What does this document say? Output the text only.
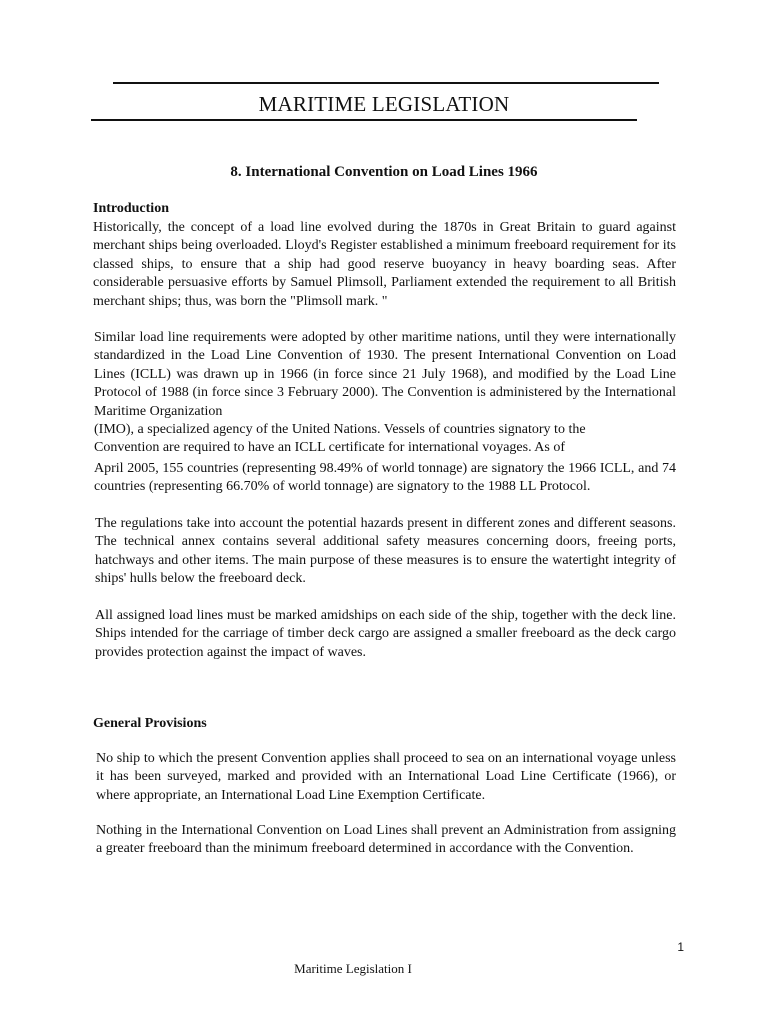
MARITIME LEGISLATION
8. International Convention on Load Lines 1966
Introduction

Historically, the concept of a load line evolved during the 1870s in Great Britain to guard against merchant ships being overloaded. Lloyd's Register established a minimum freeboard requirement for its classed ships, to ensure that a ship had good reserve buoyancy in heavy boarding seas. After considerable persuasive efforts by Samuel Plimsoll, Parliament extended the requirement to all British merchant ships; thus, was born the "Plimsoll mark. "

Similar load line requirements were adopted by other maritime nations, until they were internationally standardized in the Load Line Convention of 1930. The present International Convention on Load Lines (ICLL) was drawn up in 1966 (in force since 21 July 1968), and modified by the Load Line Protocol of 1988 (in force since 3 February 2000). The Convention is administered by the International Maritime Organization

(IMO), a specialized agency of the United Nations. Vessels of countries signatory to the Convention are required to have an ICLL certificate for international voyages. As of

April 2005, 155 countries (representing 98.49% of world tonnage) are signatory the 1966 ICLL, and 74 countries (representing 66.70% of world tonnage) are signatory to the 1988 LL Protocol.

The regulations take into account the potential hazards present in different zones and different seasons. The technical annex contains several additional safety measures concerning doors, freeing ports, hatchways and other items. The main purpose of these measures is to ensure the watertight integrity of ships' hulls below the freeboard deck.

All assigned load lines must be marked amidships on each side of the ship, together with the deck line. Ships intended for the carriage of timber deck cargo are assigned a smaller freeboard as the deck cargo provides protection against the impact of waves.

General Provisions

No ship to which the present Convention applies shall proceed to sea on an international voyage unless it has been surveyed, marked and provided with an International Load Line Certificate (1966), or where appropriate, an International Load Line Exemption Certificate.

Nothing in the International Convention on Load Lines shall prevent an Administration from assigning a greater freeboard than the minimum freeboard determined in accordance with the Convention.

1
Maritime Legislation I
